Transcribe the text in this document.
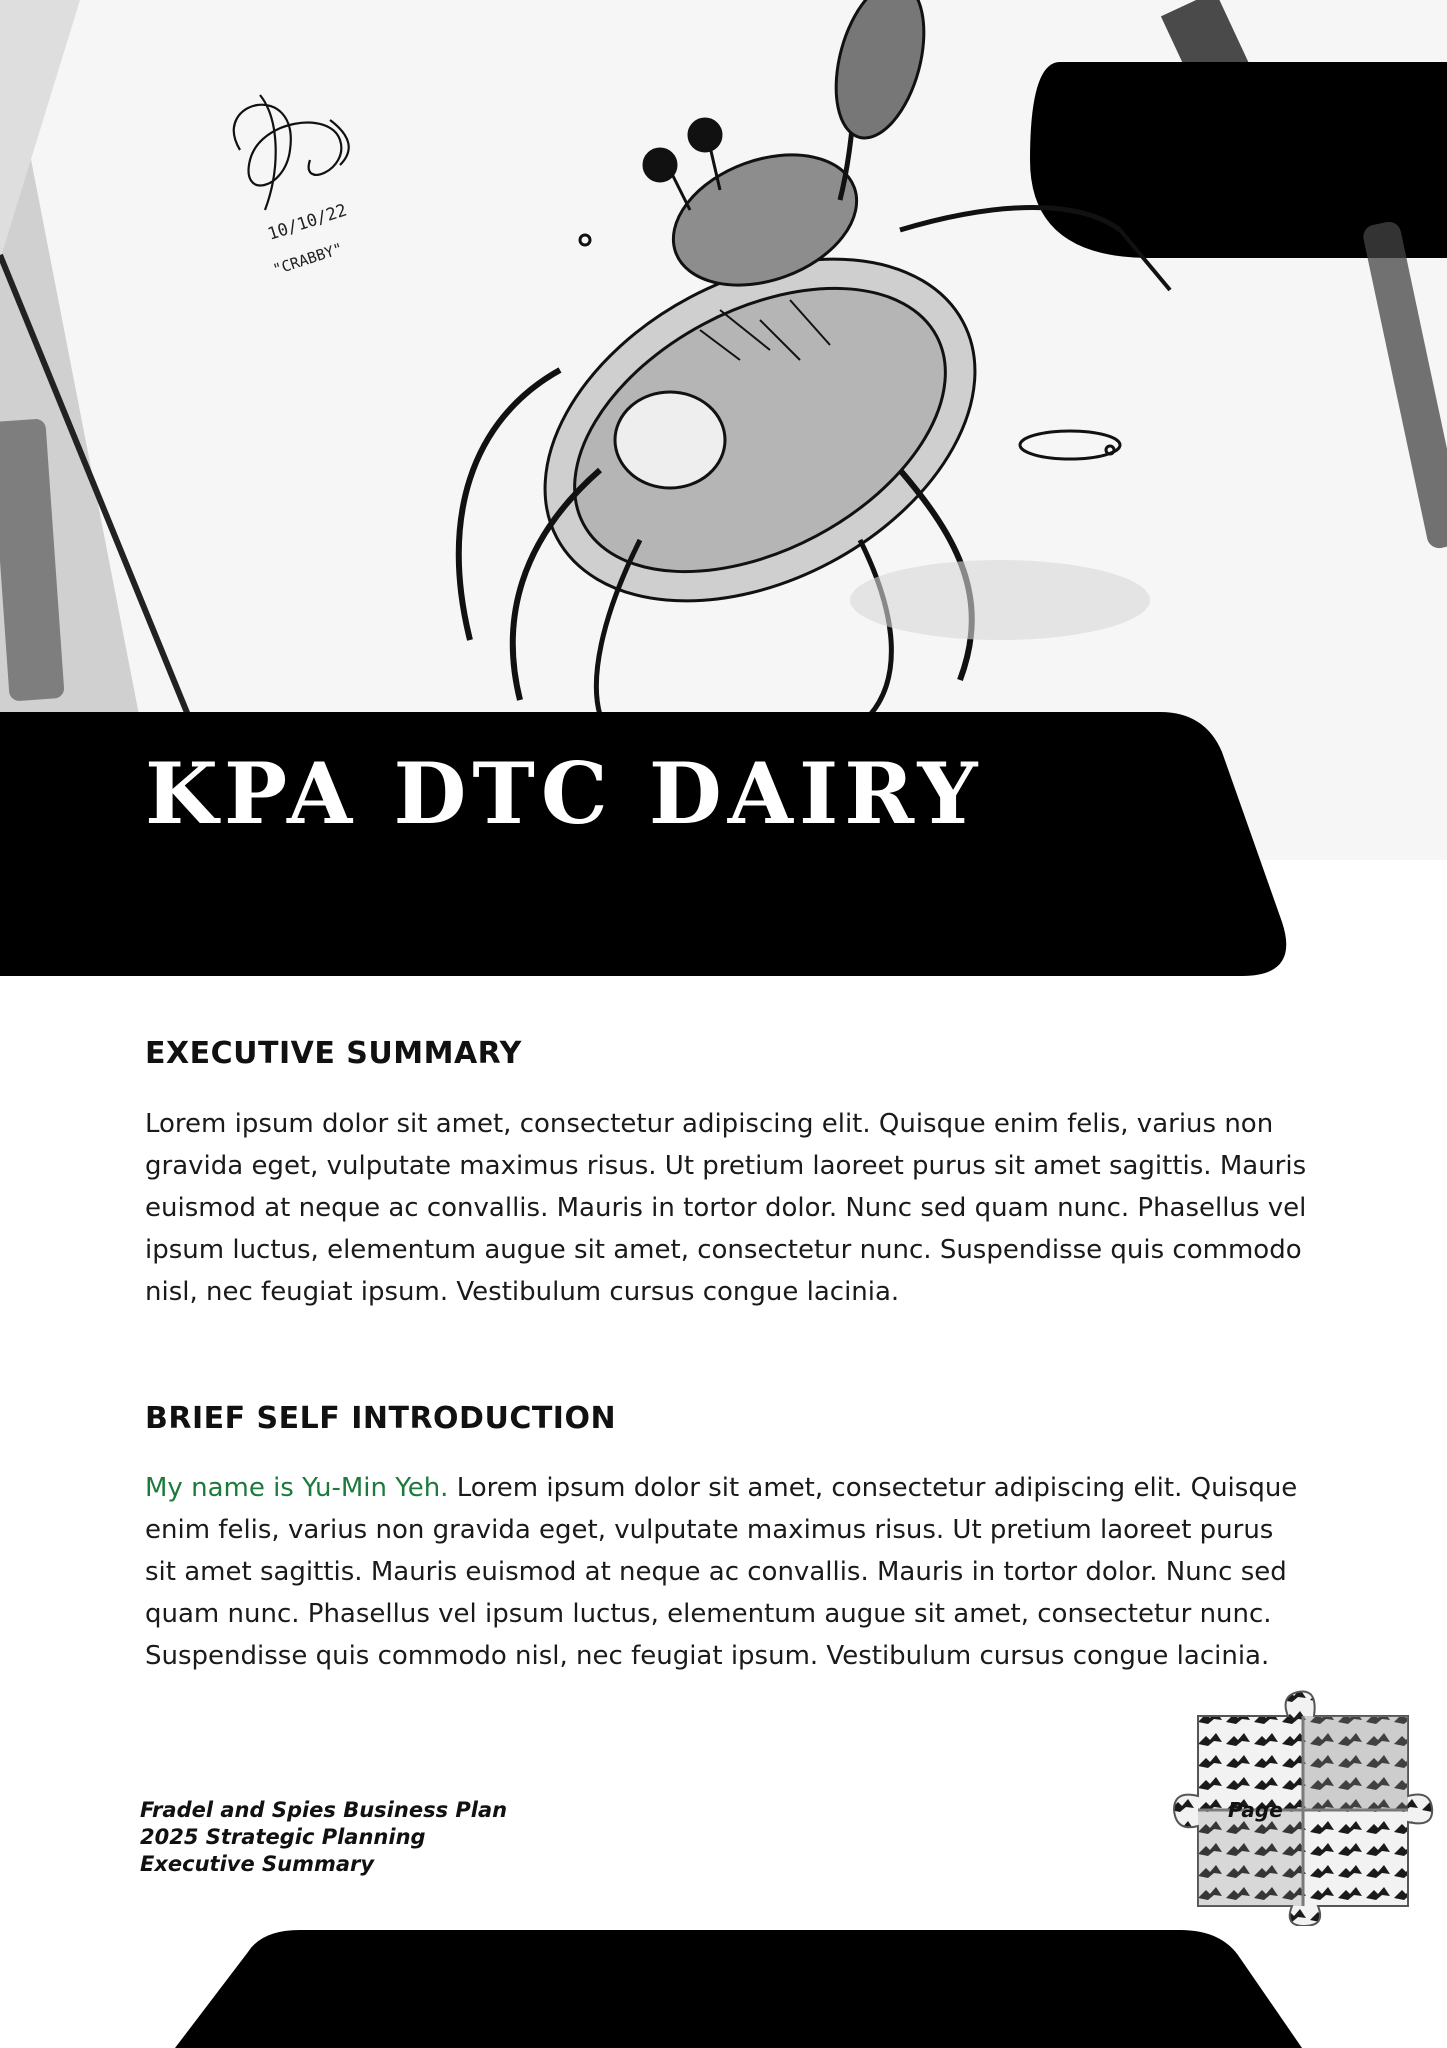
10/10/22
"CRABBY"
KPA DTC DAIRY
EXECUTIVE SUMMARY

Lorem ipsum dolor sit amet, consectetur adipiscing elit. Quisque enim felis, varius non gravida eget, vulputate maximus risus. Ut pretium laoreet purus sit amet sagittis. Mauris euismod at neque ac convallis. Mauris in tortor dolor. Nunc sed quam nunc. Phasellus vel ipsum luctus, elementum augue sit amet, consectetur nunc. Suspendisse quis commodo nisl, nec feugiat ipsum. Vestibulum cursus congue lacinia.

BRIEF SELF INTRODUCTION

My name is Yu-Min Yeh. Lorem ipsum dolor sit amet, consectetur adipiscing elit. Quisque enim felis, varius non gravida eget, vulputate maximus risus. Ut pretium laoreet purus sit amet sagittis. Mauris euismod at neque ac convallis. Mauris in tortor dolor. Nunc sed quam nunc. Phasellus vel ipsum luctus, elementum augue sit amet, consectetur nunc. Suspendisse quis commodo nisl, nec feugiat ipsum. Vestibulum cursus congue lacinia.

Fradel and Spies Business Plan
2025 Strategic Planning
Executive Summary

Page
